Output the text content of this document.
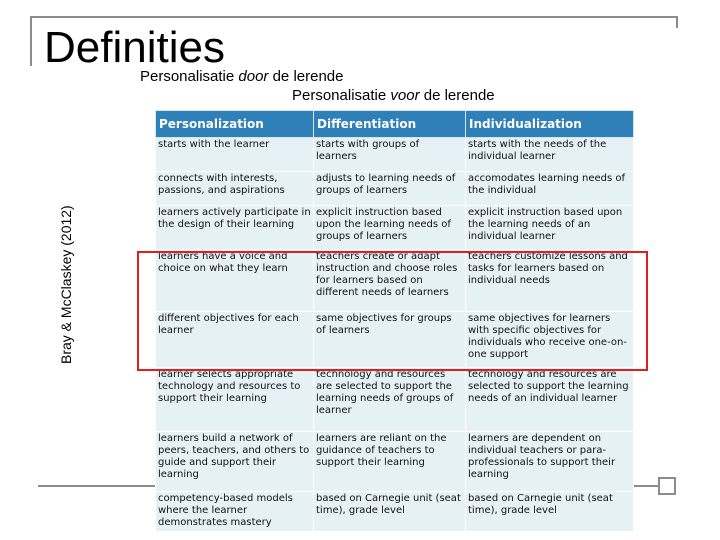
Definities
Personalisatie door de lerende
Personalisatie voor de lerende
Bray & McClaskey (2012)
Personalization	Differentiation	Individualization
starts with the learner	starts with groups of learners	starts with the needs of the individual learner
connects with interests, passions, and aspirations	adjusts to learning needs of groups of learners	accomodates learning needs of the individual
learners actively participate in the design of their learning	explicit instruction based upon the learning needs of groups of learners	explicit instruction based upon the learning needs of an individual learner
learners have a voice and choice on what they learn	teachers create or adapt instruction and choose roles for learners based on different needs of learners	teachers customize lessons and tasks for learners based on individual needs
different objectives for each learner	same objectives for groups of learners	same objectives for learners with specific objectives for individuals who receive one-on-one support
learner selects appropriate technology and resources to support their learning	technology and resources are selected to support the learning needs of groups of learner	technology and resources are selected to support the learning needs of an individual learner
learners build a network of peers, teachers, and others to guide and support their learning	learners are reliant on the guidance of teachers to support their learning	learners are dependent on individual teachers or para-professionals to support their learning
competency-based models where the learner demonstrates mastery	based on Carnegie unit (seat time), grade level	based on Carnegie unit (seat time), grade level
